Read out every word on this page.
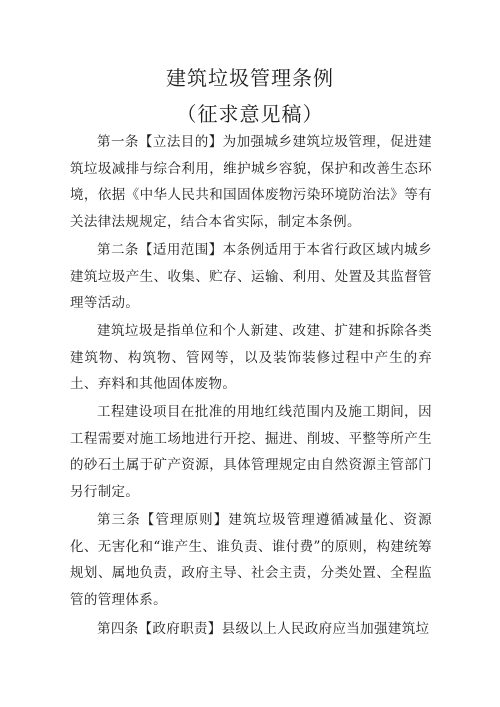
建筑垃圾管理条例
（征求意见稿）

第一条【立法目的】为加强城乡建筑垃圾管理，促进建筑垃圾减排与综合利用，维护城乡容貌，保护和改善生态环境，依据《中华人民共和国固体废物污染环境防治法》等有关法律法规规定，结合本省实际，制定本条例。

第二条【适用范围】本条例适用于本省行政区域内城乡建筑垃圾产生、收集、贮存、运输、利用、处置及其监督管理等活动。

建筑垃圾是指单位和个人新建、改建、扩建和拆除各类建筑物、构筑物、管网等，以及装饰装修过程中产生的弃土、弃料和其他固体废物。

工程建设项目在批准的用地红线范围内及施工期间，因工程需要对施工场地进行开挖、掘进、削坡、平整等所产生的砂石土属于矿产资源，具体管理规定由自然资源主管部门另行制定。

第三条【管理原则】建筑垃圾管理遵循减量化、资源化、无害化和“谁产生、谁负责、谁付费”的原则，构建统筹规划、属地负责，政府主导、社会主责，分类处置、全程监管的管理体系。

第四条【政府职责】县级以上人民政府应当加强建筑垃
